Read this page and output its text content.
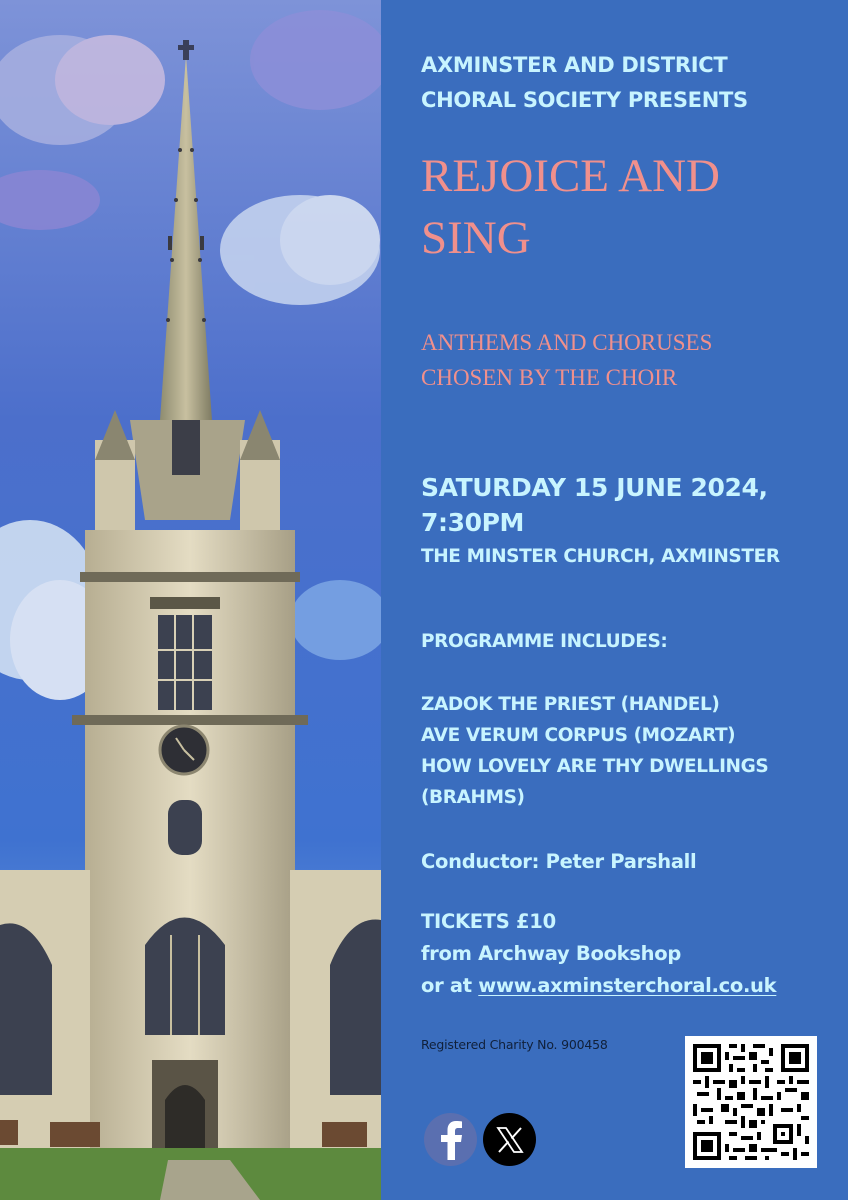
AXMINSTER AND DISTRICT

CHORAL SOCIETY PRESENTS

REJOICE AND
SING

ANTHEMS AND CHORUSES

CHOSEN BY THE CHOIR

SATURDAY 15 JUNE 2024,

7:30PM

THE MINSTER CHURCH, AXMINSTER

PROGRAMME INCLUDES:

ZADOK THE PRIEST (HANDEL)

AVE VERUM CORPUS (MOZART)

HOW LOVELY ARE THY DWELLINGS

(BRAHMS)

Conductor: Peter Parshall

TICKETS £10

from Archway Bookshop

or at www.axminsterchoral.co.uk

Registered Charity No. 900458
